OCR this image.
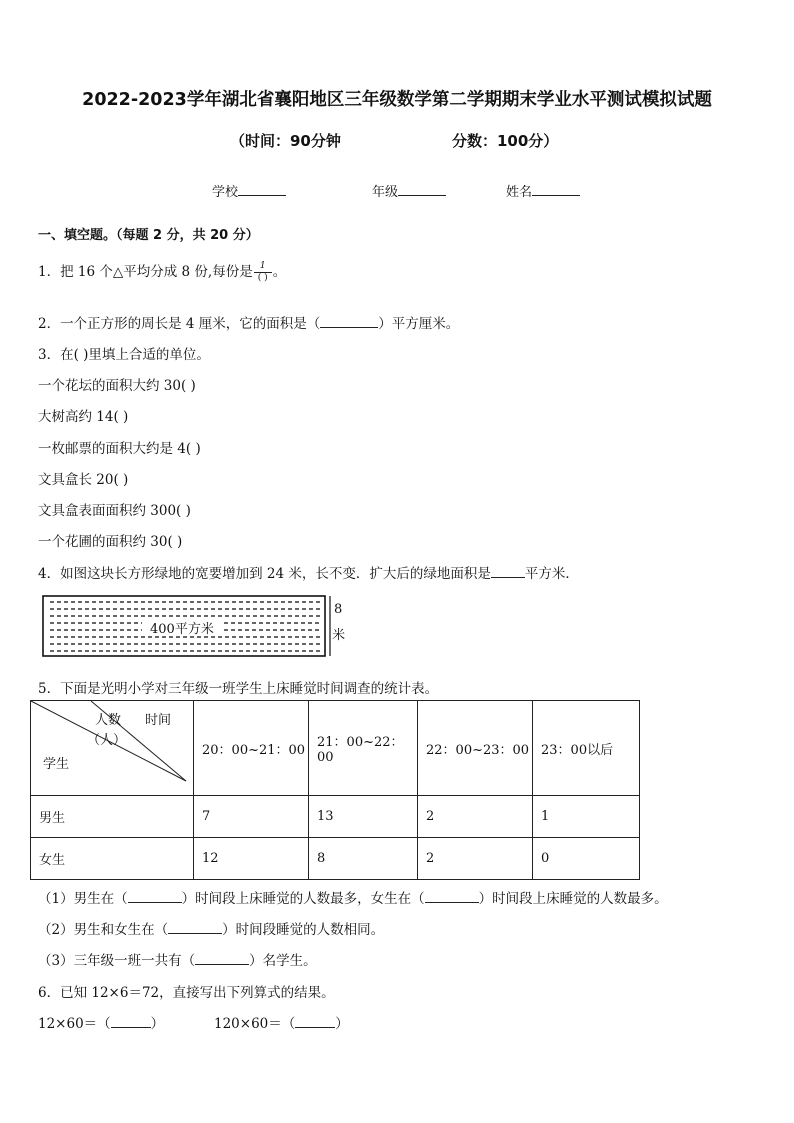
2022-2023学年湖北省襄阳地区三年级数学第二学期期末学业水平测试模拟试题
（时间：90分钟	分数：100分）
学校	年级	姓名
一、填空题。（每题 2 分，共 20 分）
1．把 16 个△平均分成 8 份,每份是 $\frac{1}{( )}$ 。
2．一个正方形的周长是 4 厘米，它的面积是（	）平方厘米。
3．在( )里填上合适的单位。
一个花坛的面积大约 30( )
大树高约 14( )
一枚邮票的面积大约是 4( )
文具盒长 20( )
文具盒表面面积约 300( )
一个花圃的面积约 30( )
4．如图这块长方形绿地的宽要增加到 24 米，长不变．扩大后的绿地面积是	平方米．
400平方米
8
米
5．下面是光明小学对三年级一班学生上床睡觉时间调查的统计表。
人数 时间
（人）
学生	20：00~21：00	21：00~22：00	22：00~23：00	23：00以后
男生	7	13	2	1
女生	12	8	2	0
（1）男生在（	）时间段上床睡觉的人数最多，女生在（	）时间段上床睡觉的人数最多。
（2）男生和女生在（	）时间段睡觉的人数相同。
（3）三年级一班一共有（	）名学生。
6．已知 12×6＝72，直接写出下列算式的结果。
12×60＝（	）	120×60＝（	）
